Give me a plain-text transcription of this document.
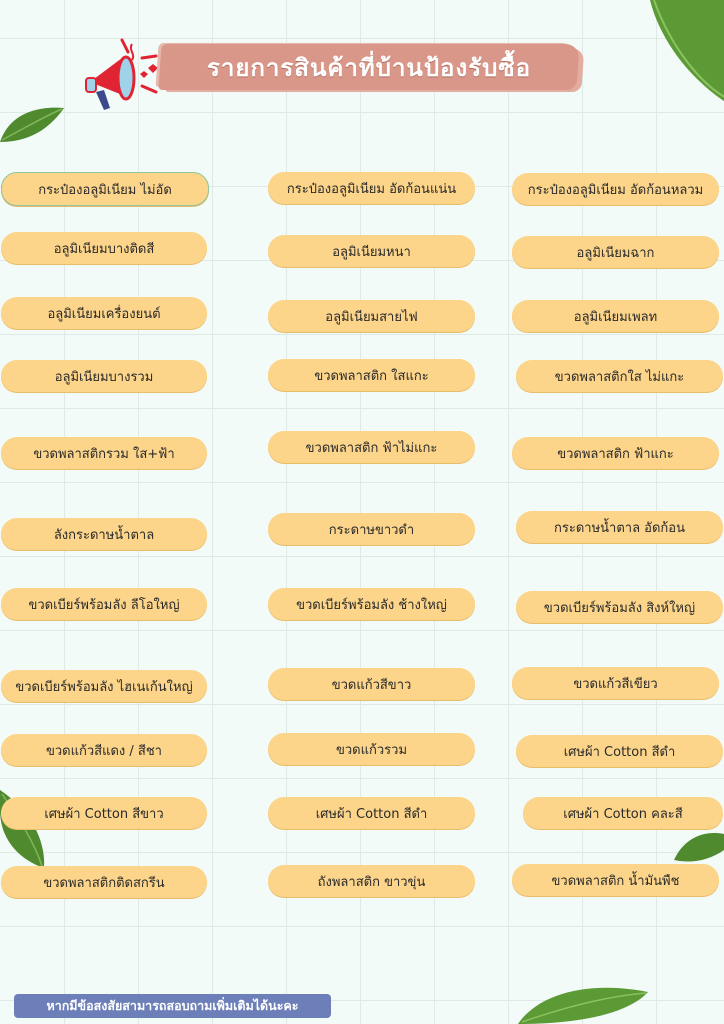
รายการสินค้าที่บ้านป้องรับซื้อ
กระป๋องอลูมิเนียม ไม่อัด	กระป๋องอลูมิเนียม อัดก้อนแน่น	กระป๋องอลูมิเนียม อัดก้อนหลวม
อลูมิเนียมบางติดสี	อลูมิเนียมหนา	อลูมิเนียมฉาก
อลูมิเนียมเครื่องยนต์	อลูมิเนียมสายไฟ	อลูมิเนียมเพลท
อลูมิเนียมบางรวม	ขวดพลาสติก ใสแกะ	ขวดพลาสติกใส ไม่แกะ
ขวดพลาสติกรวม ใส+ฟ้า	ขวดพลาสติก ฟ้าไม่แกะ	ขวดพลาสติก ฟ้าแกะ
ลังกระดาษน้ำตาล	กระดาษขาวดำ	กระดาษน้ำตาล อัดก้อน
ขวดเบียร์พร้อมลัง ลีโอใหญ่	ขวดเบียร์พร้อมลัง ช้างใหญ่	ขวดเบียร์พร้อมลัง สิงห์ใหญ่
ขวดเบียร์พร้อมลัง ไฮเนเก้นใหญ่	ขวดแก้วสีขาว	ขวดแก้วสีเขียว
ขวดแก้วสีแดง / สีชา	ขวดแก้วรวม	เศษผ้า Cotton สีดำ
เศษผ้า Cotton สีขาว	เศษผ้า Cotton สีดำ	เศษผ้า Cotton คละสี
ขวดพลาสติกติดสกรีน	ถังพลาสติก ขาวขุ่น	ขวดพลาสติก น้ำมันพืช
หากมีข้อสงสัยสามารถสอบถามเพิ่มเติมได้นะคะ
